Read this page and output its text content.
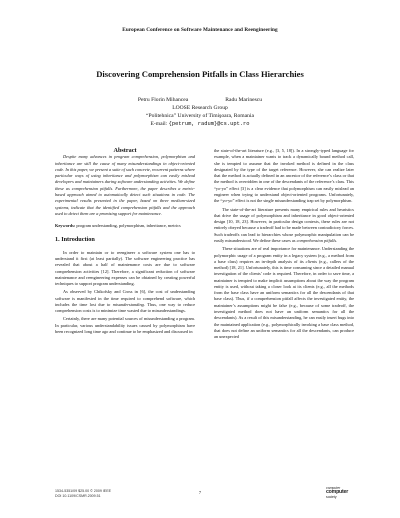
European Conference on Software Maintenance and Reengineering
Discovering Comprehension Pitfalls in Class Hierarchies
Petru Florin Mihancea	Radu Marinescu
LOOSE Research Group
“Politehnica” University of Timişoara, Romania
E-mail: {petrum, radum}@cs.upt.ro

Abstract

Despite many advances in program comprehension, polymorphism and inheritance are still the cause of many misunderstandings in object-oriented code. In this paper, we present a suite of such concrete, recurrent patterns where particular ways of using inheritance and polymorphism can easily mislead developers and maintainers during software understanding activities. We define these as comprehension pitfalls. Furthermore, the paper describes a metric-based approach aimed to automatically detect such situations in code. The experimental results presented in the paper, based on three medium-sized systems, indicate that the identified comprehension pitfalls and the approach used to detect them are a promising support for maintenance.

Keywords: program understanding, polymorphism, inheritance, metrics

1. Introduction

In order to maintain or to reengineer a software system one has to understand it first (at least partially). The software engineering practice has revealed that about a half of maintenance costs are due to software comprehension activities [12]. Therefore, a significant reduction of software maintenance and reengineering expenses can be obtained by creating powerful techniques to support program understanding.

As observed by Chikofsky and Cross in [6], the cost of understanding software is manifested in the time required to comprehend software, which includes the time lost due to misunderstanding. Thus, one way to reduce comprehension costs is to minimize time wasted due to misunderstandings.

Certainly, there are many potential sources of misunderstanding a program. In particular, various understandability issues caused by polymorphism have been recognized long time ago and continue to be emphasized and discussed in

the state-of-the-art literature (e.g., [3, 5, 18]). In a strongly-typed language for example, when a maintainer wants to track a dynamically bound method call, she is tempted to assume that the invoked method is defined in the class designated by the type of the target reference. However, she can realize later that the method is actually defined in an ancestor of the reference’s class or that the method is overridden in one of the descendants of the reference’s class. This “yo-yo” effect [3] is a clear evidence that polymorphism can easily mislead an engineer when trying to understand object-oriented programs. Unfortunately, the “yo-yo” effect is not the single misunderstanding trap set by polymorphism.

The state-of-the-art literature presents many empirical rules and heuristics that drive the usage of polymorphism and inheritance in good object-oriented design [10, 18, 23]. However, in particular design contexts, these rules are not entirely obeyed because a tradeoff had to be made between contradictory forces. Such tradeoffs can lead to hierarchies whose polymorphic manipulation can be easily misunderstood. We define these cases as comprehension pitfalls.

These situations are of real importance for maintenance. Understanding the polymorphic usage of a program entity in a legacy system (e.g., a method from a base class) requires an in-depth analysis of its clients (e.g., callers of the method) [18, 21]. Unfortunately, this is time consuming since a detailed manual investigation of the clients’ code is required. Therefore, in order to save time, a maintainer is tempted to make implicit assumptions about the way the program entity is used, without taking a closer look at its clients (e.g., all the methods from the base class have an uniform semantics for all the descendants of that base class). Thus, if a comprehension pitfall affects the investigated entity, the maintainer’s assumptions might be false (e.g., because of some tradeoff, the investigated method does not have an uniform semantics for all the descendants). As a result of this misunderstanding, he can easily insert bugs into the maintained application (e.g., polymorphically invoking a base class method, that does not define an uniform semantics for all the descendants, can produce an unexpected

1534-5351/09 $25.00 © 2009 IEEE
DOI 10.1109/CSMR.2009.51
7
computer
computer
society
